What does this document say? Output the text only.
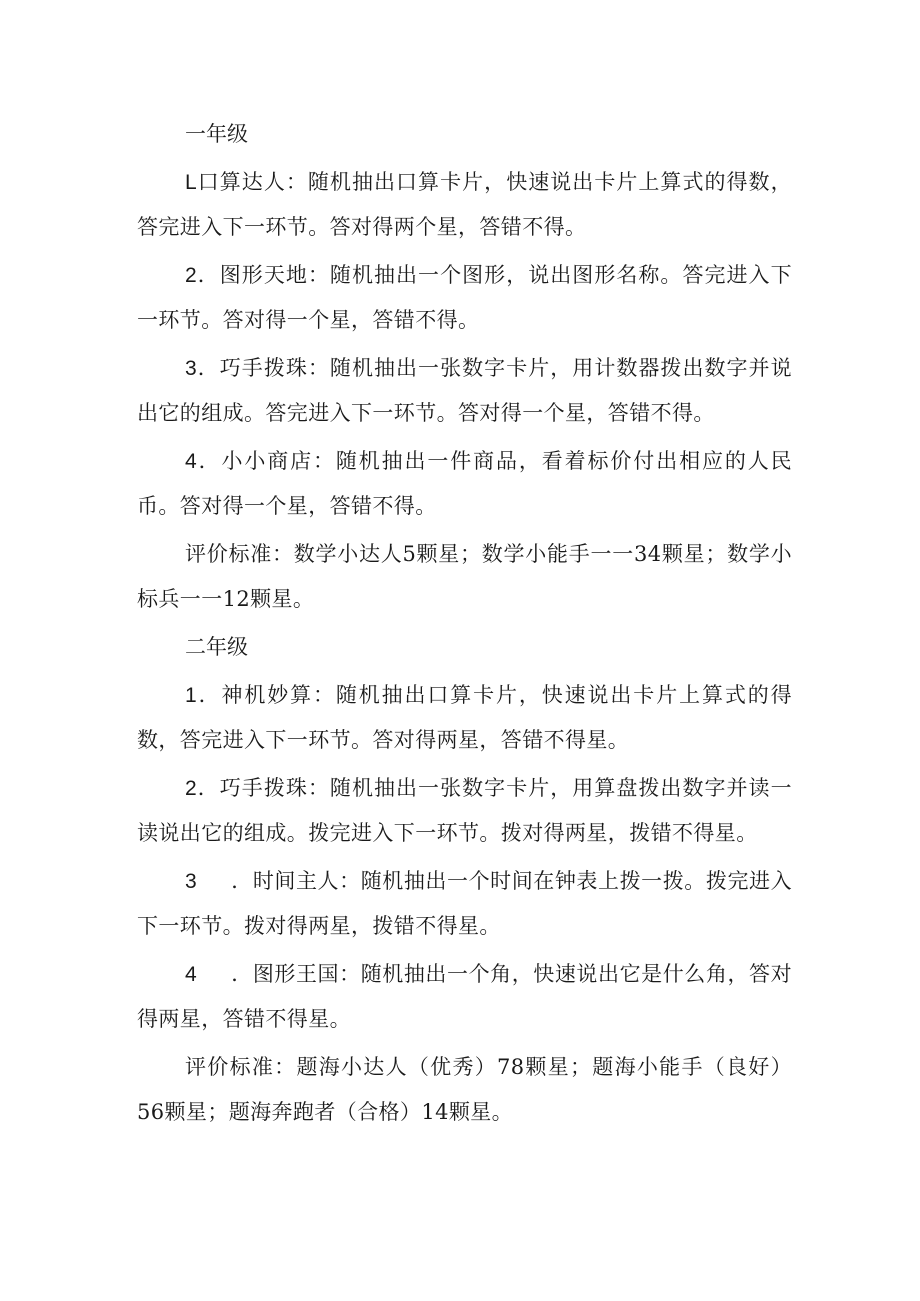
一年级

L口算达人：随机抽出口算卡片，快速说出卡片上算式的得数，答完进入下一环节。答对得两个星，答错不得。

2．图形天地：随机抽出一个图形，说出图形名称。答完进入下一环节。答对得一个星，答错不得。

3．巧手拨珠：随机抽出一张数字卡片，用计数器拨出数字并说出它的组成。答完进入下一环节。答对得一个星，答错不得。

4．小小商店：随机抽出一件商品，看着标价付出相应的人民币。答对得一个星，答错不得。

评价标准：数学小达人5颗星；数学小能手一一34颗星；数学小标兵一一12颗星。

二年级

1．神机妙算：随机抽出口算卡片，快速说出卡片上算式的得数，答完进入下一环节。答对得两星，答错不得星。

2．巧手拨珠：随机抽出一张数字卡片，用算盘拨出数字并读一读说出它的组成。拨完进入下一环节。拨对得两星，拨错不得星。

3 ．时间主人：随机抽出一个时间在钟表上拨一拨。拨完进入下一环节。拨对得两星，拨错不得星。

4 ．图形王国：随机抽出一个角，快速说出它是什么角，答对得两星，答错不得星。

评价标准：题海小达人（优秀）78颗星；题海小能手（良好）56颗星；题海奔跑者（合格）14颗星。
